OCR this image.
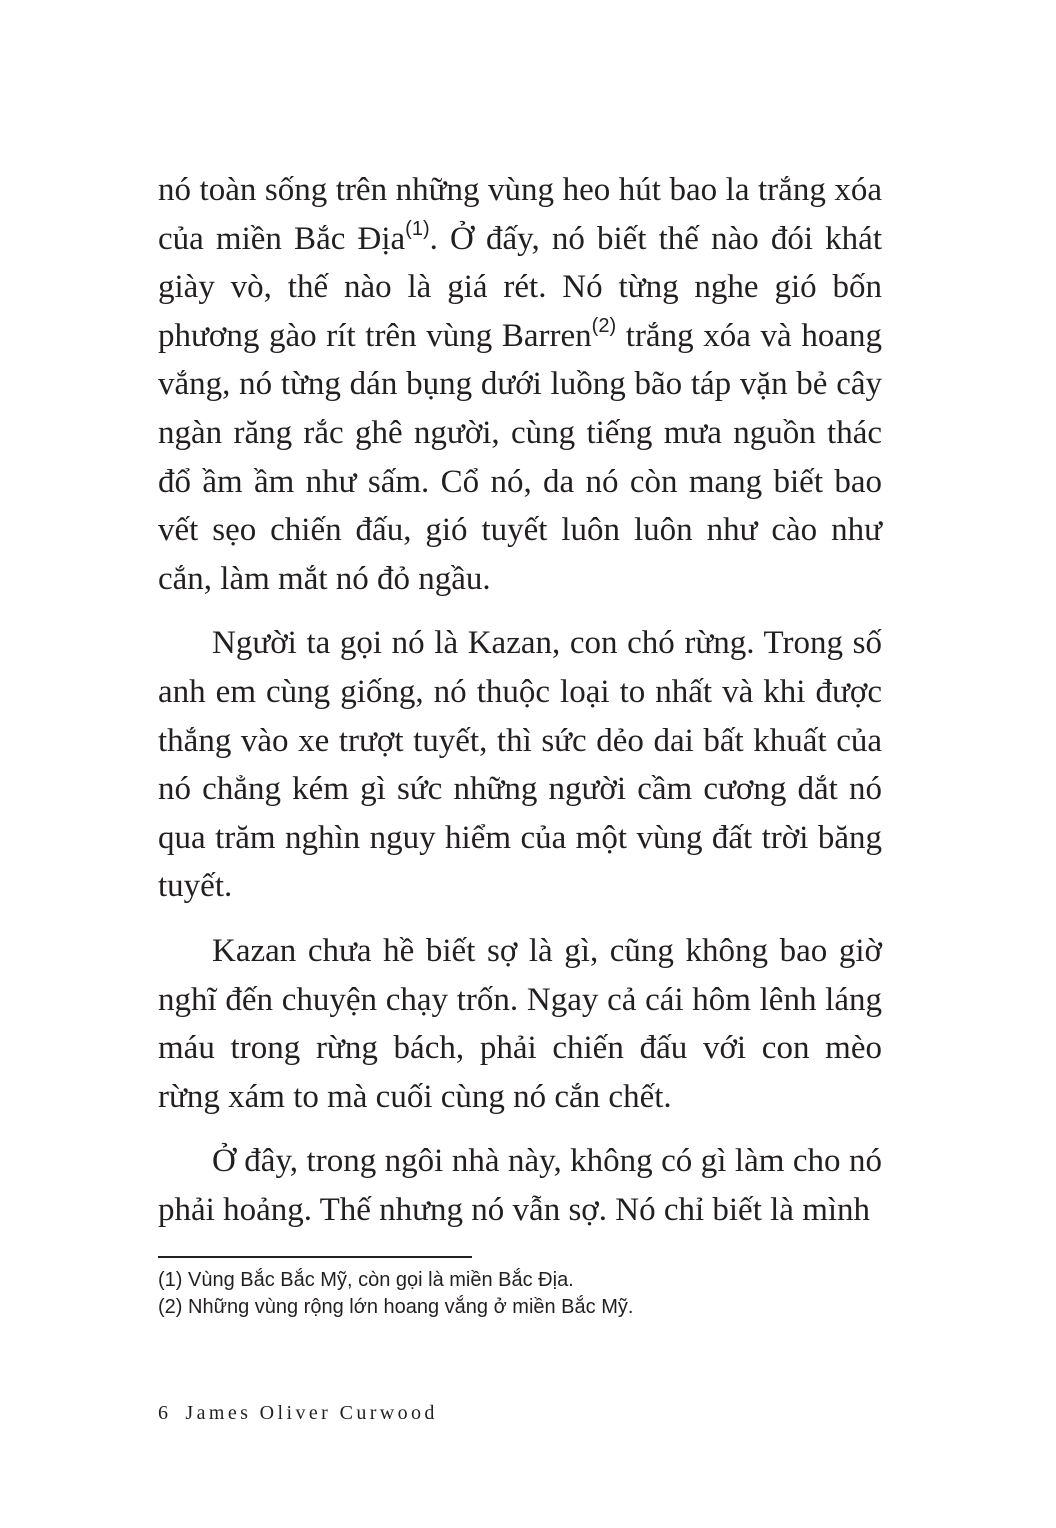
nó toàn sống trên những vùng heo hút bao la trắng xóa của miền Bắc Địa$^{(1)}$. Ở đấy, nó biết thế nào đói khát giày vò, thế nào là giá rét. Nó từng nghe gió bốn phương gào rít trên vùng Barren$^{(2)}$ trắng xóa và hoang vắng, nó từng dán bụng dưới luồng bão táp vặn bẻ cây ngàn răng rắc ghê người, cùng tiếng mưa nguồn thác đổ ầm ầm như sấm. Cổ nó, da nó còn mang biết bao vết sẹo chiến đấu, gió tuyết luôn luôn như cào như cắn, làm mắt nó đỏ ngầu.

Người ta gọi nó là Kazan, con chó rừng. Trong số anh em cùng giống, nó thuộc loại to nhất và khi được thắng vào xe trượt tuyết, thì sức dẻo dai bất khuất của nó chẳng kém gì sức những người cầm cương dắt nó qua trăm nghìn nguy hiểm của một vùng đất trời băng tuyết.

Kazan chưa hề biết sợ là gì, cũng không bao giờ nghĩ đến chuyện chạy trốn. Ngay cả cái hôm lênh láng máu trong rừng bách, phải chiến đấu với con mèo rừng xám to mà cuối cùng nó cắn chết.

Ở đây, trong ngôi nhà này, không có gì làm cho nó phải hoảng. Thế nhưng nó vẫn sợ. Nó chỉ biết là mình

(1) Vùng Bắc Bắc Mỹ, còn gọi là miền Bắc Địa.

(2) Những vùng rộng lớn hoang vắng ở miền Bắc Mỹ.

6 James Oliver Curwood
